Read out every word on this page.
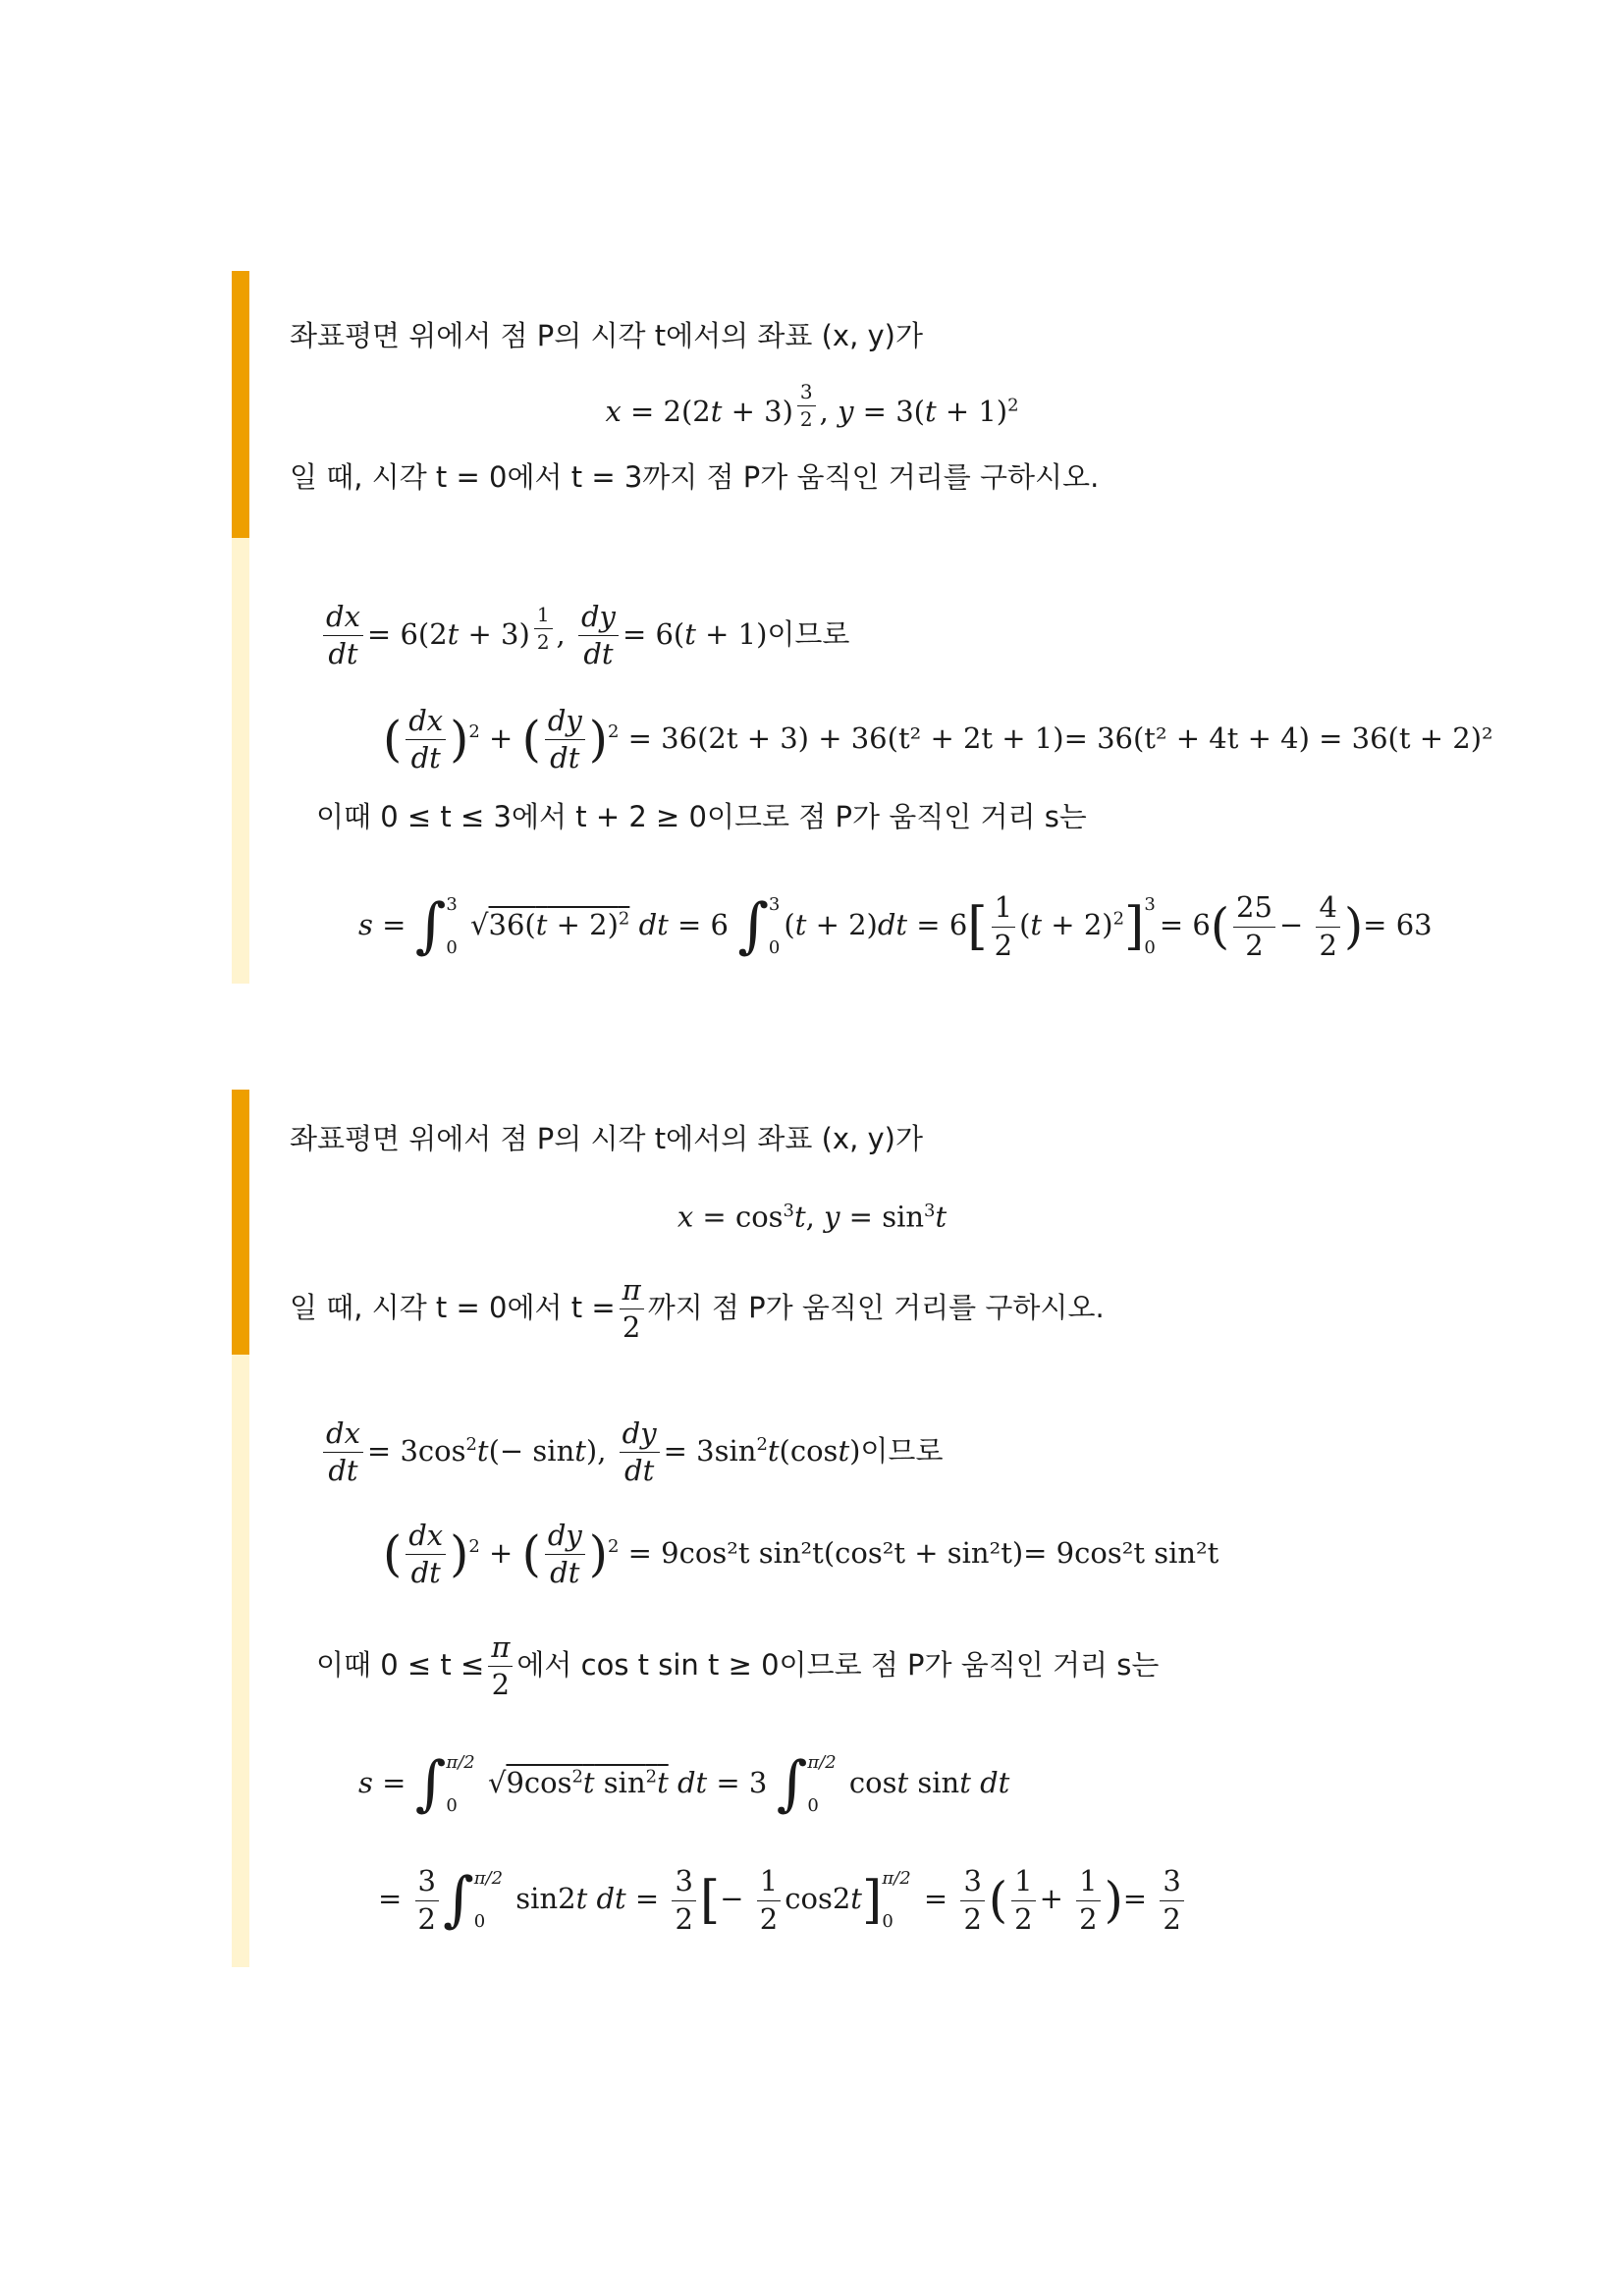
좌표평면 위에서 점 P의 시각 t에서의 좌표 (x, y)가
x = 2(2t + 3) $^{\frac{3}{2}}$ , $y = 3(t + 1)^2$
일 때, 시각 t = 0에서 t = 3까지 점 P가 움직인 거리를 구하시오.
$\frac{dx}{dt} = 6(2t + 3)$ $^{\frac{1}{2}}$ , $\frac{dy}{dt} = 6(t + 1)$이므로
( $\frac{dx}{dt} )^2$ + ( $\frac{dy}{dt} )^2 = 36(2t + 3) + 36(t^2 + 2t + 1)= 36(t^2 + 4t + 4) = 36(t + 2)^2$
이때 0 ≤ t ≤ 3에서 t + 2 ≥ 0이므로 점 P가 움직인 거리 s는
s = ∫ 3
0
$√36(t + 2)^2$ dt = 6 ∫ 3
0
$(t + 2)dt = 6[ \frac{1}{2} (t + 2)^2]$ 3
0
= $6( \frac{25}{2} - \frac{4}{2}$ )= 63
좌표평면 위에서 점 P의 시각 t에서의 좌표 (x, y)가
$x = \cos^3t$, $y = \sin^3t$
일 때, 시각 t = 0에서 $t = \frac{\pi}{2}$ 까지 점 P가 움직인 거리를 구하시오.
$\frac{dx}{dt} = 3\cos^2t(- \sin t)$, $\frac{dy}{dt} = 3\sin^2t(\cos t)$이므로
( $\frac{dx}{dt} )^2$ + ( $\frac{dy}{dt} )^2 = 9\cos^2t$ sin²t(cos²t + sin²t)= 9cos²t sin²t
이때 $0 \le t \le \frac{\pi}{2}$ 에서 cos t sin t ≥ 0이므로 점 P가 움직인 거리 s는
s = ∫ π/2
0
$√9\cos^2t$ $\sin^2t$ dt = 3 ∫ π/2
0
cost sint dt
= $\frac{3}{2}$ ∫ π/2
0
sin2t dt = $\frac{3}{2}$ [− $\frac{1}{2} \cos 2t$] π/2
0
= $\frac{3}{2}$ ( $\frac{1}{2} + \frac{1}{2}$ )= $\frac{3}{2}$
